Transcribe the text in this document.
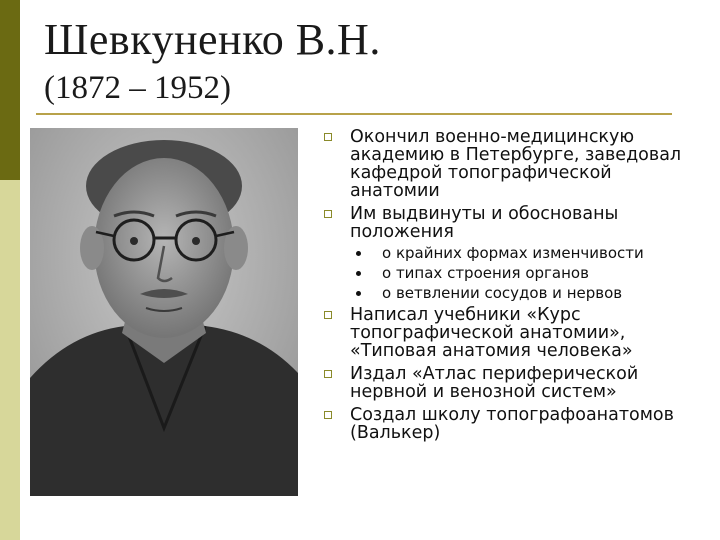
Шевкуненко В.Н.
(1872 – 1952)
Окончил военно-медицинскую академию в Петербурге, заведовал кафедрой топографической анатомии
Им выдвинуты и обоснованы положения
о крайних формах изменчивости
о типах строения органов
о ветвлении сосудов и нервов
Написал учебники «Курс топографической анатомии», «Типовая анатомия человека»
Издал «Атлас периферической нервной и венозной систем»
Создал школу топографоанатомов (Валькер)
